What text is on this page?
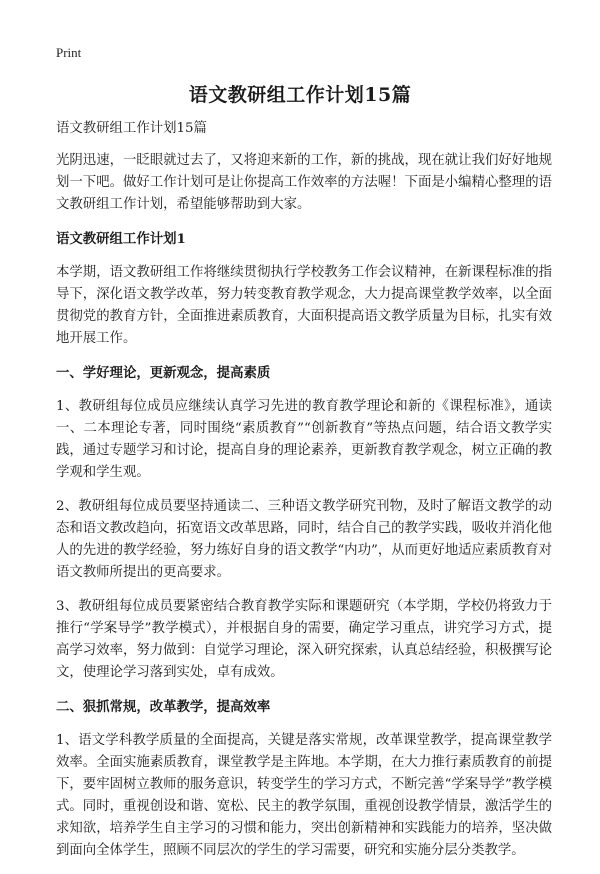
Print
语文教研组工作计划15篇

语文教研组工作计划15篇

光阴迅速，一眨眼就过去了，又将迎来新的工作，新的挑战，现在就让我们好好地规划一下吧。做好工作计划可是让你提高工作效率的方法喔！下面是小编精心整理的语文教研组工作计划，希望能够帮助到大家。

语文教研组工作计划1

本学期，语文教研组工作将继续贯彻执行学校教务工作会议精神，在新课程标准的指导下，深化语文教学改革，努力转变教育教学观念，大力提高课堂教学效率，以全面贯彻党的教育方针，全面推进素质教育，大面积提高语文教学质量为目标，扎实有效地开展工作。

一、学好理论，更新观念，提高素质

1、教研组每位成员应继续认真学习先进的教育教学理论和新的《课程标准》，通读一、二本理论专著，同时围绕“素质教育”“创新教育”等热点问题，结合语文教学实践，通过专题学习和讨论，提高自身的理论素养，更新教育教学观念，树立正确的教学观和学生观。

2、教研组每位成员要坚持通读二、三种语文教学研究刊物，及时了解语文教学的动态和语文教改趋向，拓宽语文改革思路，同时，结合自己的教学实践，吸收并消化他人的先进的教学经验，努力练好自身的语文教学“内功”，从而更好地适应素质教育对语文教师所提出的更高要求。

3、教研组每位成员要紧密结合教育教学实际和课题研究（本学期，学校仍将致力于推行“学案导学”教学模式），并根据自身的需要，确定学习重点，讲究学习方式，提高学习效率，努力做到：自觉学习理论，深入研究探索，认真总结经验，积极撰写论文，使理论学习落到实处，卓有成效。

二、狠抓常规，改革教学，提高效率

1、语文学科教学质量的全面提高，关键是落实常规，改革课堂教学，提高课堂教学效率。全面实施素质教育，课堂教学是主阵地。本学期，在大力推行素质教育的前提下，要牢固树立教师的服务意识，转变学生的学习方式，不断完善“学案导学”教学模式。同时，重视创设和谐、宽松、民主的教学氛围，重视创设教学情景，激活学生的求知欲，培养学生自主学习的习惯和能力，突出创新精神和实践能力的培养，坚决做到面向全体学生，照顾不同层次的学生的学习需要，研究和实施分层分类教学。
